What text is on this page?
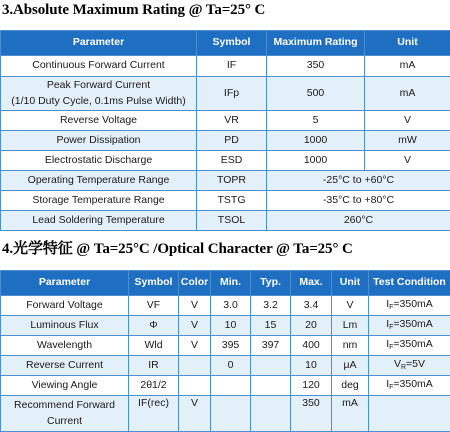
3.Absolute Maximum Rating @ Ta=25° C
Parameter	Symbol	Maximum Rating	Unit
Continuous Forward Current	IF	350	mA

Peak Forward Current
(1/10 Duty Cycle, 0.1ms Pulse Width)	IFp	500	mA
Reverse Voltage	VR	5	V
Power Dissipation	PD	1000	mW
Electrostatic Discharge	ESD	1000	V
Operating Temperature Range	TOPR	-25°C to +60°C	
Storage Temperature Range	TSTG	-35°C to +80°C	
Lead Soldering Temperature	TSOL	260°C	
4.光学特征 @ Ta=25°C /Optical Character @ Ta=25° C
Parameter	Symbol	Color	Min.	Typ.	Max.	Unit	Test Condition

Forward Voltage	VF	V	3.0	3.2	3.4	V	$I_F=350mA$

Luminous Flux	Φ	V	10	15	20	Lm	$I_F=350mA$

Wavelength	Wld	V	395	397	400	nm	$I_F=350mA$

Reverse Current	IR		0		10	μA	$V_R=5V$

Viewing Angle	2θ1/2				120	deg	$I_F=350mA$

Recommend Forward
Current	IF(rec)	V			350	mA	
